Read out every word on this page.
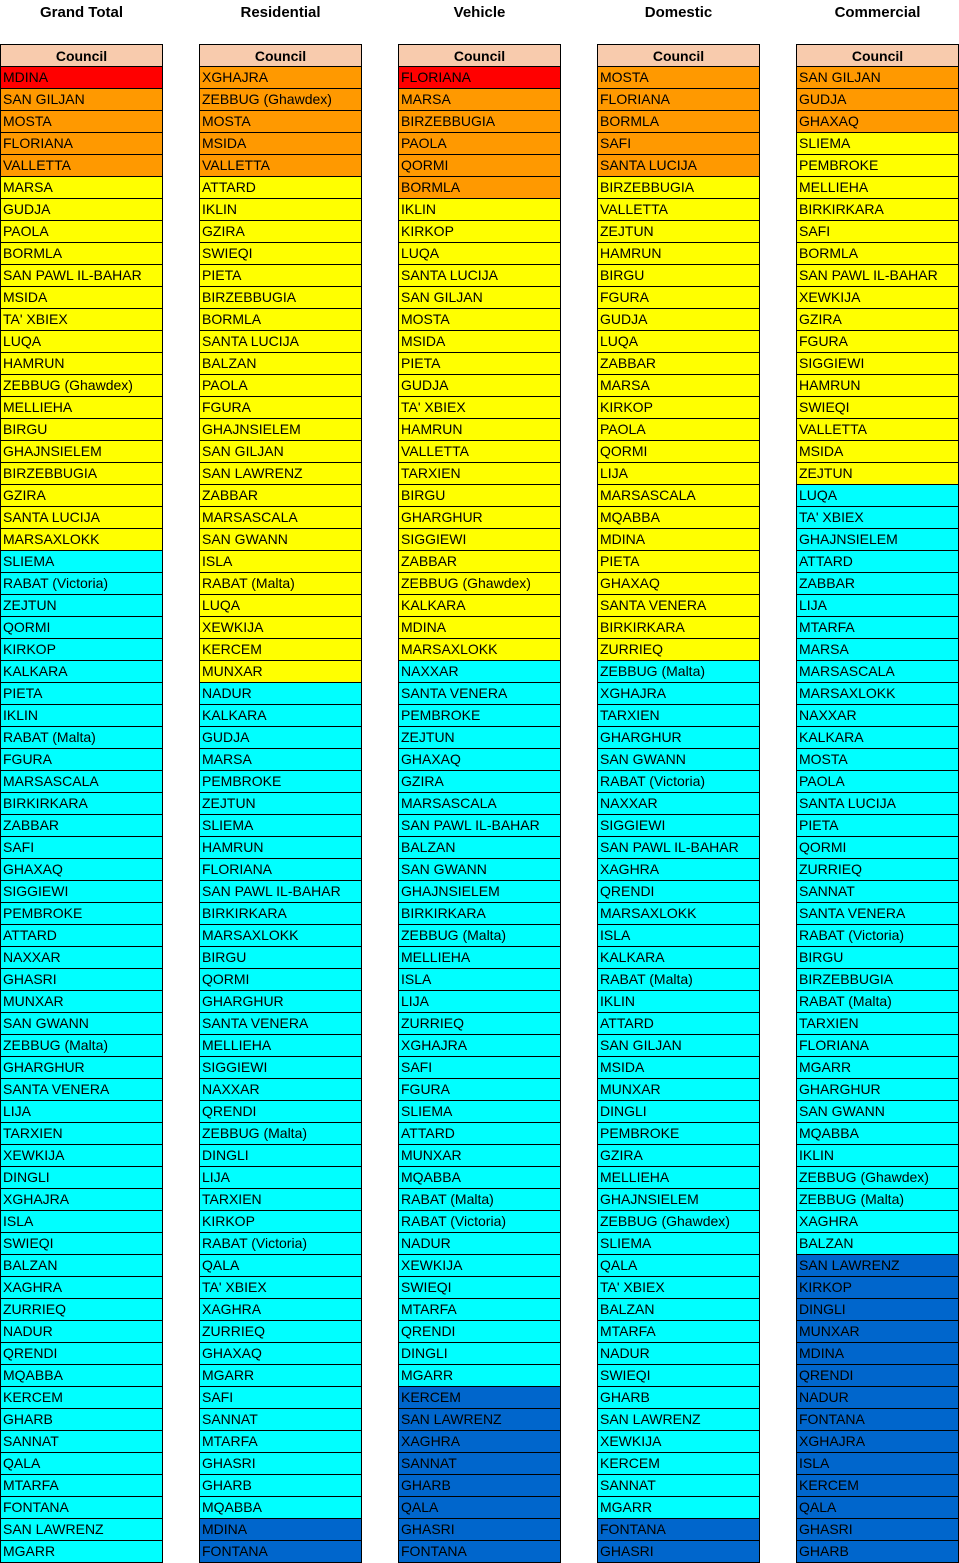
Grand Total
Council
MDINA
SAN GILJAN
MOSTA
FLORIANA
VALLETTA
MARSA
GUDJA
PAOLA
BORMLA
SAN PAWL IL-BAHAR
MSIDA
TA' XBIEX
LUQA
HAMRUN
ZEBBUG (Ghawdex)
MELLIEHA
BIRGU
GHAJNSIELEM
BIRZEBBUGIA
GZIRA
SANTA LUCIJA
MARSAXLOKK
SLIEMA
RABAT (Victoria)
ZEJTUN
QORMI
KIRKOP
KALKARA
PIETA
IKLIN
RABAT (Malta)
FGURA
MARSASCALA
BIRKIRKARA
ZABBAR
SAFI
GHAXAQ
SIGGIEWI
PEMBROKE
ATTARD
NAXXAR
GHASRI
MUNXAR
SAN GWANN
ZEBBUG (Malta)
GHARGHUR
SANTA VENERA
LIJA
TARXIEN
XEWKIJA
DINGLI
XGHAJRA
ISLA
SWIEQI
BALZAN
XAGHRA
ZURRIEQ
NADUR
QRENDI
MQABBA
KERCEM
GHARB
SANNAT
QALA
MTARFA
FONTANA
SAN LAWRENZ
MGARR
Residential
Council
XGHAJRA
ZEBBUG (Ghawdex)
MOSTA
MSIDA
VALLETTA
ATTARD
IKLIN
GZIRA
SWIEQI
PIETA
BIRZEBBUGIA
BORMLA
SANTA LUCIJA
BALZAN
PAOLA
FGURA
GHAJNSIELEM
SAN GILJAN
SAN LAWRENZ
ZABBAR
MARSASCALA
SAN GWANN
ISLA
RABAT (Malta)
LUQA
XEWKIJA
KERCEM
MUNXAR
NADUR
KALKARA
GUDJA
MARSA
PEMBROKE
ZEJTUN
SLIEMA
HAMRUN
FLORIANA
SAN PAWL IL-BAHAR
BIRKIRKARA
MARSAXLOKK
BIRGU
QORMI
GHARGHUR
SANTA VENERA
MELLIEHA
SIGGIEWI
NAXXAR
QRENDI
ZEBBUG (Malta)
DINGLI
LIJA
TARXIEN
KIRKOP
RABAT (Victoria)
QALA
TA' XBIEX
XAGHRA
ZURRIEQ
GHAXAQ
MGARR
SAFI
SANNAT
MTARFA
GHASRI
GHARB
MQABBA
MDINA
FONTANA
Vehicle
Council
FLORIANA
MARSA
BIRZEBBUGIA
PAOLA
QORMI
BORMLA
IKLIN
KIRKOP
LUQA
SANTA LUCIJA
SAN GILJAN
MOSTA
MSIDA
PIETA
GUDJA
TA' XBIEX
HAMRUN
VALLETTA
TARXIEN
BIRGU
GHARGHUR
SIGGIEWI
ZABBAR
ZEBBUG (Ghawdex)
KALKARA
MDINA
MARSAXLOKK
NAXXAR
SANTA VENERA
PEMBROKE
ZEJTUN
GHAXAQ
GZIRA
MARSASCALA
SAN PAWL IL-BAHAR
BALZAN
SAN GWANN
GHAJNSIELEM
BIRKIRKARA
ZEBBUG (Malta)
MELLIEHA
ISLA
LIJA
ZURRIEQ
XGHAJRA
SAFI
FGURA
SLIEMA
ATTARD
MUNXAR
MQABBA
RABAT (Malta)
RABAT (Victoria)
NADUR
XEWKIJA
SWIEQI
MTARFA
QRENDI
DINGLI
MGARR
KERCEM
SAN LAWRENZ
XAGHRA
SANNAT
GHARB
QALA
GHASRI
FONTANA
Domestic
Council
MOSTA
FLORIANA
BORMLA
SAFI
SANTA LUCIJA
BIRZEBBUGIA
VALLETTA
ZEJTUN
HAMRUN
BIRGU
FGURA
GUDJA
LUQA
ZABBAR
MARSA
KIRKOP
PAOLA
QORMI
LIJA
MARSASCALA
MQABBA
MDINA
PIETA
GHAXAQ
SANTA VENERA
BIRKIRKARA
ZURRIEQ
ZEBBUG (Malta)
XGHAJRA
TARXIEN
GHARGHUR
SAN GWANN
RABAT (Victoria)
NAXXAR
SIGGIEWI
SAN PAWL IL-BAHAR
XAGHRA
QRENDI
MARSAXLOKK
ISLA
KALKARA
RABAT (Malta)
IKLIN
ATTARD
SAN GILJAN
MSIDA
MUNXAR
DINGLI
PEMBROKE
GZIRA
MELLIEHA
GHAJNSIELEM
ZEBBUG (Ghawdex)
SLIEMA
QALA
TA' XBIEX
BALZAN
MTARFA
NADUR
SWIEQI
GHARB
SAN LAWRENZ
XEWKIJA
KERCEM
SANNAT
MGARR
FONTANA
GHASRI
Commercial
Council
SAN GILJAN
GUDJA
GHAXAQ
SLIEMA
PEMBROKE
MELLIEHA
BIRKIRKARA
SAFI
BORMLA
SAN PAWL IL-BAHAR
XEWKIJA
GZIRA
FGURA
SIGGIEWI
HAMRUN
SWIEQI
VALLETTA
MSIDA
ZEJTUN
LUQA
TA' XBIEX
GHAJNSIELEM
ATTARD
ZABBAR
LIJA
MTARFA
MARSA
MARSASCALA
MARSAXLOKK
NAXXAR
KALKARA
MOSTA
PAOLA
SANTA LUCIJA
PIETA
QORMI
ZURRIEQ
SANNAT
SANTA VENERA
RABAT (Victoria)
BIRGU
BIRZEBBUGIA
RABAT (Malta)
TARXIEN
FLORIANA
MGARR
GHARGHUR
SAN GWANN
MQABBA
IKLIN
ZEBBUG (Ghawdex)
ZEBBUG (Malta)
XAGHRA
BALZAN
SAN LAWRENZ
KIRKOP
DINGLI
MUNXAR
MDINA
QRENDI
NADUR
FONTANA
XGHAJRA
ISLA
KERCEM
QALA
GHASRI
GHARB
